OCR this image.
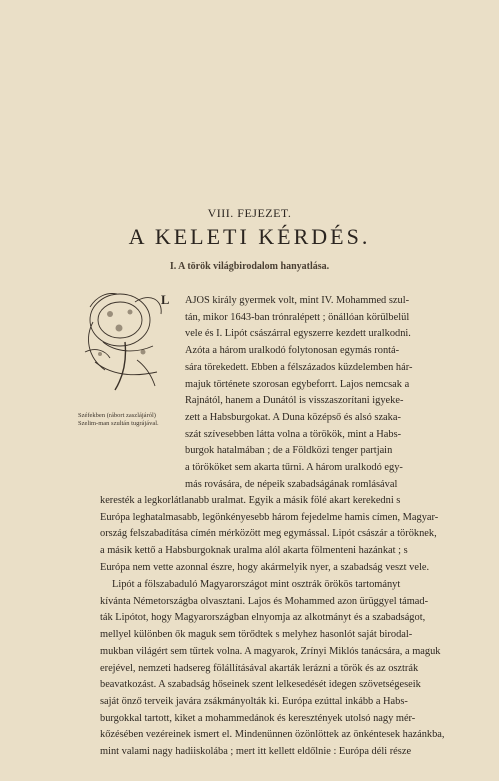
VIII. FEJEZET.
A KELETI KÉRDÉS.
I. A török világbirodalom hanyatlása.
Széfekben (rábort zaszlájáról) Szelim-man szultán tugrájával.
L AJOS király gyermek volt, mint IV. Mohammed szul-
tán, mikor 1643-ban trónralépett ; önállóan körülbelül
vele és I. Lipót császárral egyszerre kezdett uralkodni.
Azóta a három uralkodó folytonosan egymás rontá-
sára törekedett. Ebben a félszázados küzdelemben hár-
majuk története szorosan egybeforrt. Lajos nemcsak a
Rajnától, hanem a Dunától is visszaszorítani igyeke-
zett a Habsburgokat. A Duna középső és alsó szaka-
szát szívesebben látta volna a törökök, mint a Habs-
burgok hatalmában ; de a Földközi tenger partjain
a törököket sem akarta tűrni. A három uralkodó egy-
más rovására, de népeik szabadságának romlásával
keresték a legkorlátlanabb uralmat. Egyik a másik fölé akart kerekedni s
Európa leghatalmasabb, legönkényesebb három fejedelme hamis címen, Magyar-
ország felszabadítása címén mérközött meg egymással. Lipót császár a töröknek,
a másik kettő a Habsburgoknak uralma alól akarta fölmenteni hazánkat ; s
Európa nem vette azonnal észre, hogy akármelyik nyer, a szabadság veszt vele.
Lipót a fölszabaduló Magyarországot mint osztrák örökös tartományt
kívánta Németországba olvasztani. Lajos és Mohammed azon ürüggyel támad-
ták Lipótot, hogy Magyarországban elnyomja az alkotmányt és a szabadságot,
mellyel különben ők maguk sem törődtek s melyhez hasonlót saját birodal-
mukban világért sem tűrtek volna. A magyarok, Zrínyi Miklós tanácsára, a maguk
erejével, nemzeti hadsereg fölállításával akarták lerázni a török és az osztrák
beavatkozást. A szabadság hőseinek szent lelkesedését idegen szövetségeseik
saját önző terveik javára zsákmányolták ki. Európa ezúttal inkább a Habs-
burgokkal tartott, kiket a mohammedánok és keresztények utolsó nagy mér-
kőzésében vezéreinek ismert el. Mindenünnen özönlöttek az önkéntesek hazánkba,
mint valami nagy hadiiskolába ; mert itt kellett eldőlnie : Európa déli része
